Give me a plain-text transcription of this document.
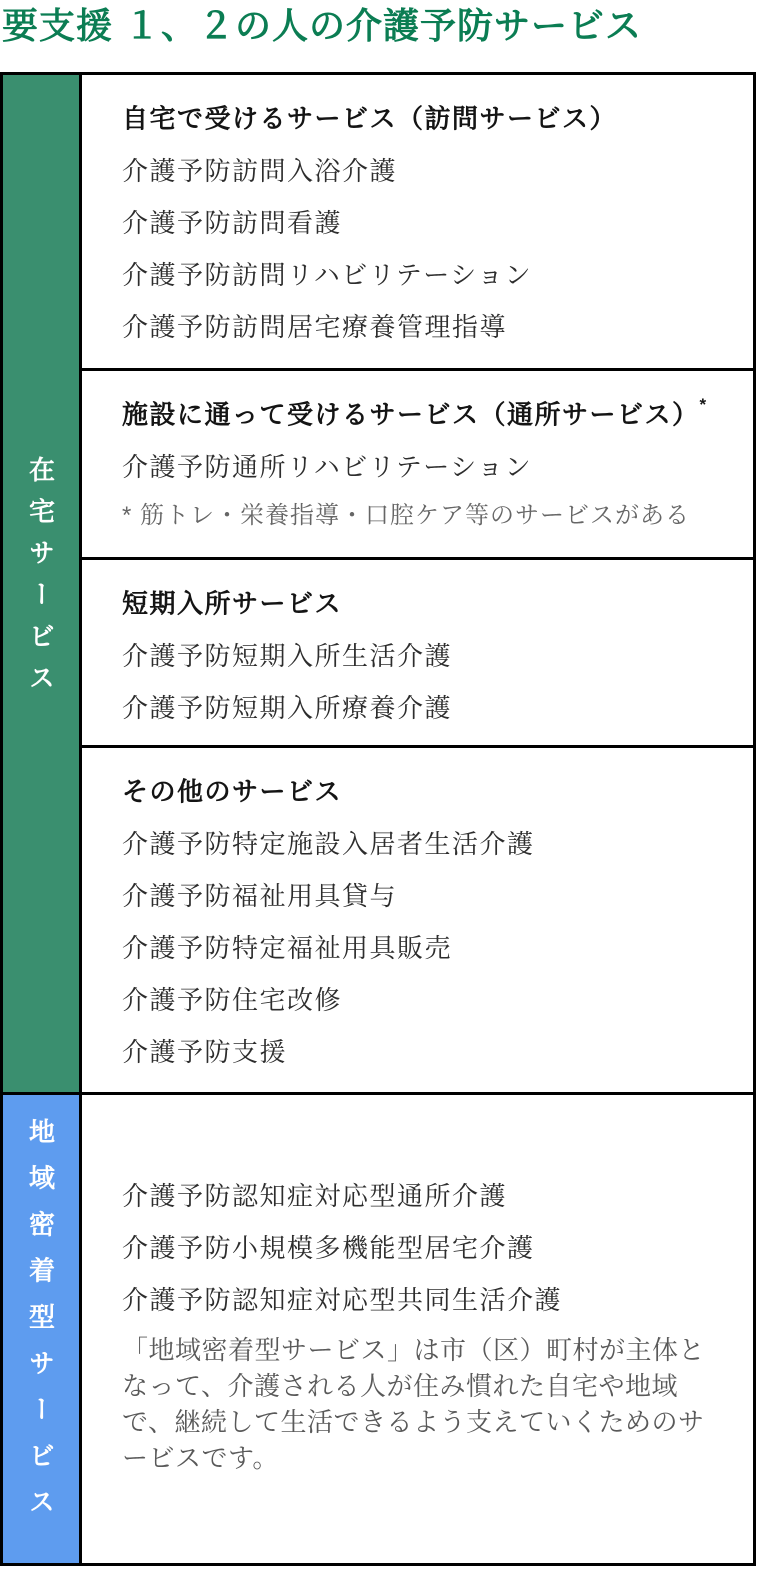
要支援 １、２の人の介護予防サービス
在宅サービス	自宅で受けるサービス（訪問サービス）
介護予防訪問入浴介護
介護予防訪問看護
介護予防訪問リハビリテーション
介護予防訪問居宅療養管理指導

	施設に通って受けるサービス（通所サービス）*
介護予防通所リハビリテーション
* 筋トレ・栄養指導・口腔ケア等のサービスがある

	短期入所サービス
介護予防短期入所生活介護
介護予防短期入所療養介護

その他のサービス
介護予防特定施設入居者生活介護
介護予防福祉用具貸与
介護予防特定福祉用具販売
介護予防住宅改修
介護予防支援

地域密着型サービス	介護予防認知症対応型通所介護
介護予防小規模多機能型居宅介護
介護予防認知症対応型共同生活介護
「地域密着型サービス」は市（区）町村が主体となって、介護される人が住み慣れた自宅や地域で、継続して生活できるよう支えていくためのサービスです。
